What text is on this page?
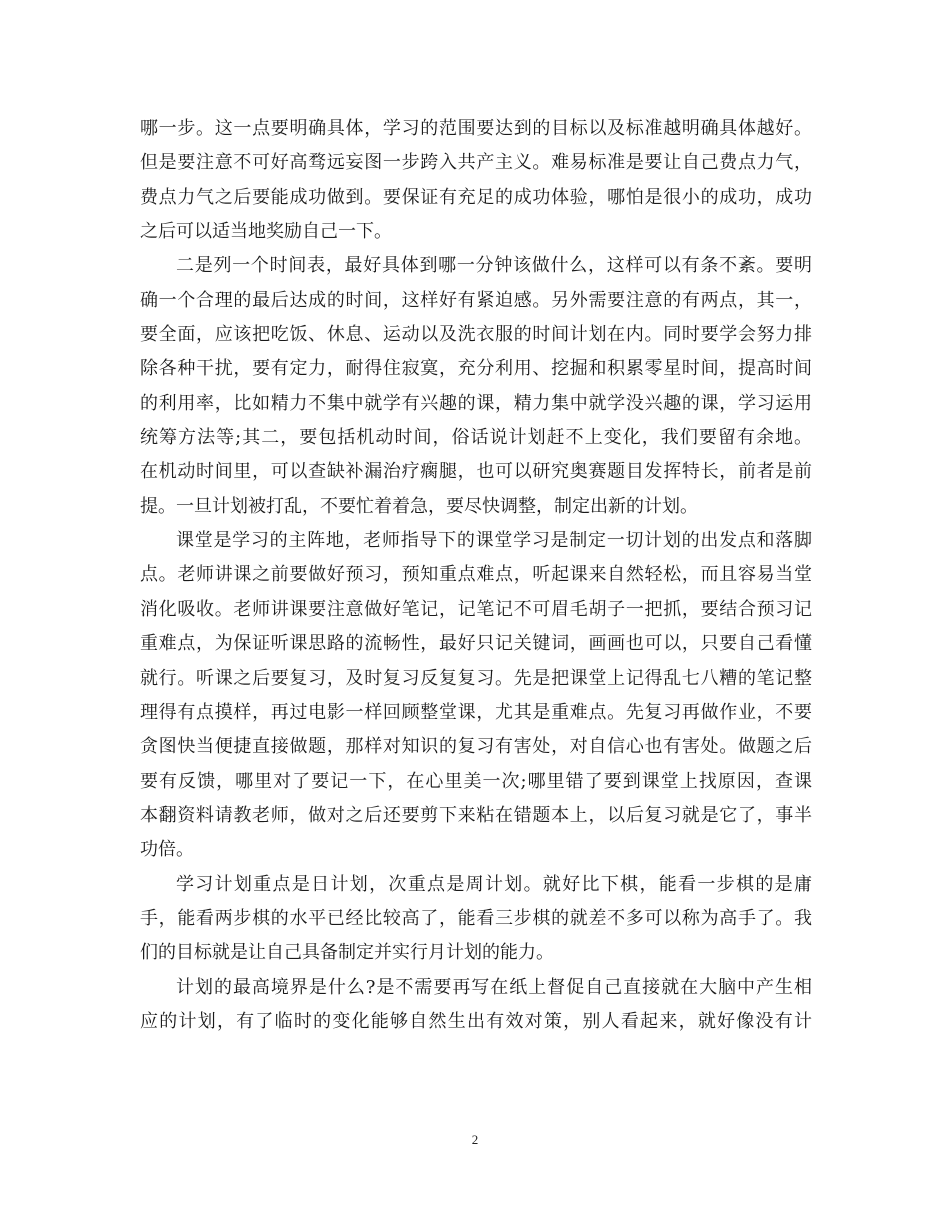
哪一步。这一点要明确具体，学习的范围要达到的目标以及标准越明确具体越好。
但是要注意不可好高骛远妄图一步跨入共产主义。难易标准是要让自己费点力气，
费点力气之后要能成功做到。要保证有充足的成功体验，哪怕是很小的成功，成功
之后可以适当地奖励自己一下。
二是列一个时间表，最好具体到哪一分钟该做什么，这样可以有条不紊。要明
确一个合理的最后达成的时间，这样好有紧迫感。另外需要注意的有两点，其一，
要全面，应该把吃饭、休息、运动以及洗衣服的时间计划在内。同时要学会努力排
除各种干扰，要有定力，耐得住寂寞，充分利用、挖掘和积累零星时间，提高时间
的利用率，比如精力不集中就学有兴趣的课，精力集中就学没兴趣的课，学习运用
统筹方法等;其二，要包括机动时间，俗话说计划赶不上变化，我们要留有余地。
在机动时间里，可以查缺补漏治疗瘸腿，也可以研究奥赛题目发挥特长，前者是前
提。一旦计划被打乱，不要忙着着急，要尽快调整，制定出新的计划。
课堂是学习的主阵地，老师指导下的课堂学习是制定一切计划的出发点和落脚
点。老师讲课之前要做好预习，预知重点难点，听起课来自然轻松，而且容易当堂
消化吸收。老师讲课要注意做好笔记，记笔记不可眉毛胡子一把抓，要结合预习记
重难点，为保证听课思路的流畅性，最好只记关键词，画画也可以，只要自己看懂
就行。听课之后要复习，及时复习反复复习。先是把课堂上记得乱七八糟的笔记整
理得有点摸样，再过电影一样回顾整堂课，尤其是重难点。先复习再做作业，不要
贪图快当便捷直接做题，那样对知识的复习有害处，对自信心也有害处。做题之后
要有反馈，哪里对了要记一下，在心里美一次;哪里错了要到课堂上找原因，查课
本翻资料请教老师，做对之后还要剪下来粘在错题本上，以后复习就是它了，事半
功倍。
学习计划重点是日计划，次重点是周计划。就好比下棋，能看一步棋的是庸
手，能看两步棋的水平已经比较高了，能看三步棋的就差不多可以称为高手了。我
们的目标就是让自己具备制定并实行月计划的能力。
计划的最高境界是什么?是不需要再写在纸上督促自己直接就在大脑中产生相
应的计划，有了临时的变化能够自然生出有效对策，别人看起来，就好像没有计
2
